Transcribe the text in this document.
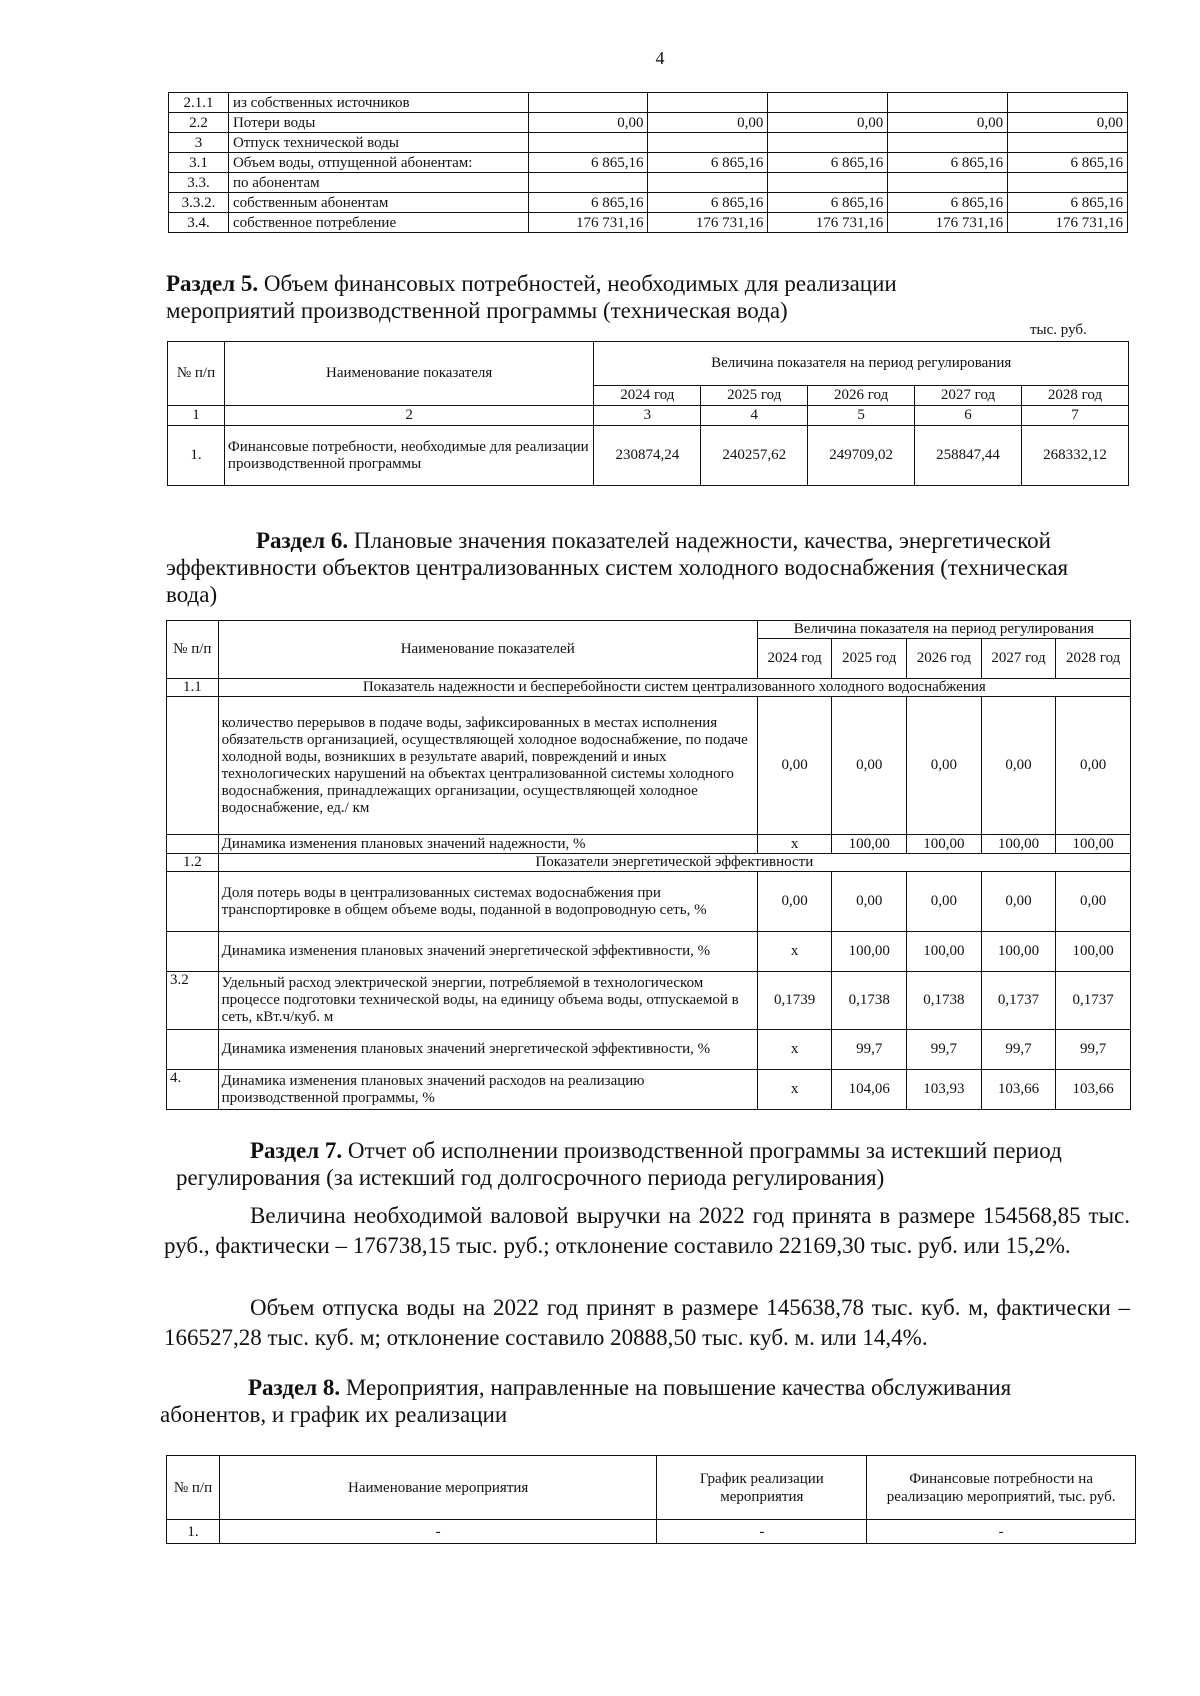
4
2.1.1	из собственных источников					
2.2	Потери воды	0,00	0,00	0,00	0,00	0,00
3	Отпуск технической воды					
3.1	Объем воды, отпущенной абонентам:	6 865,16	6 865,16	6 865,16	6 865,16	6 865,16
3.3.	по абонентам					
3.3.2.	собственным абонентам	6 865,16	6 865,16	6 865,16	6 865,16	6 865,16
3.4.	собственное потребление	176 731,16	176 731,16	176 731,16	176 731,16	176 731,16
Раздел 5. Объем финансовых потребностей, необходимых для реализации
мероприятий производственной программы (техническая вода)
тыс. руб.
№ п/п	Наименование показателя	Величина показателя на период регулирования				
		2024 год	2025 год	2026 год	2027 год	2028 год
1	2	3	4	5	6	7
1.	Финансовые потребности, необходимые для реализации производственной программы	230874,24	240257,62	249709,02	258847,44	268332,12
Раздел 6. Плановые значения показателей надежности, качества, энергетической
эффективности объектов централизованных систем холодного водоснабжения (техническая
вода)
№ п/п	Наименование показателей	Величина показателя на период регулирования				
		2024 год	2025 год	2026 год	2027 год	2028 год
1.1	Показатель надежности и бесперебойности систем централизованного холодного водоснабжения					
	количество перерывов в подаче воды, зафиксированных в местах исполнения обязательств организацией, осуществляющей холодное водоснабжение, по подаче холодной воды, возникших в результате аварий, повреждений и иных технологических нарушений на объектах централизованной системы холодного водоснабжения, принадлежащих организации, осуществляющей холодное водоснабжение, ед./ км	0,00	0,00	0,00	0,00	0,00
	Динамика изменения плановых значений надежности, %	х	100,00	100,00	100,00	100,00
1.2	Показатели энергетической эффективности					
	Доля потерь воды в централизованных системах водоснабжения при транспортировке в общем объеме воды, поданной в водопроводную сеть, %	0,00	0,00	0,00	0,00	0,00
	Динамика изменения плановых значений энергетической эффективности, %	х	100,00	100,00	100,00	100,00
3.2	Удельный расход электрической энергии, потребляемой в технологическом процессе подготовки технической воды, на единицу объема воды, отпускаемой в сеть, кВт.ч/куб. м	0,1739	0,1738	0,1738	0,1737	0,1737
	Динамика изменения плановых значений энергетической эффективности, %	х	99,7	99,7	99,7	99,7
4.	Динамика изменения плановых значений расходов на реализацию производственной программы, %	х	104,06	103,93	103,66	103,66
Раздел 7. Отчет об исполнении производственной программы за истекший период
регулирования (за истекший год долгосрочного периода регулирования)
Величина необходимой валовой выручки на 2022 год принята в размере 154568,85 тыс. руб., фактически – 176738,15 тыс. руб.; отклонение составило 22169,30 тыс. руб. или 15,2%.
Объем отпуска воды на 2022 год принят в размере 145638,78 тыс. куб. м, фактически – 166527,28 тыс. куб. м; отклонение составило 20888,50 тыс. куб. м. или 14,4%.
Раздел 8. Мероприятия, направленные на повышение качества обслуживания
абонентов, и график их реализации
№ п/п	Наименование мероприятия	График реализации мероприятия	Финансовые потребности на реализацию мероприятий, тыс. руб.
1.	-	-	-
